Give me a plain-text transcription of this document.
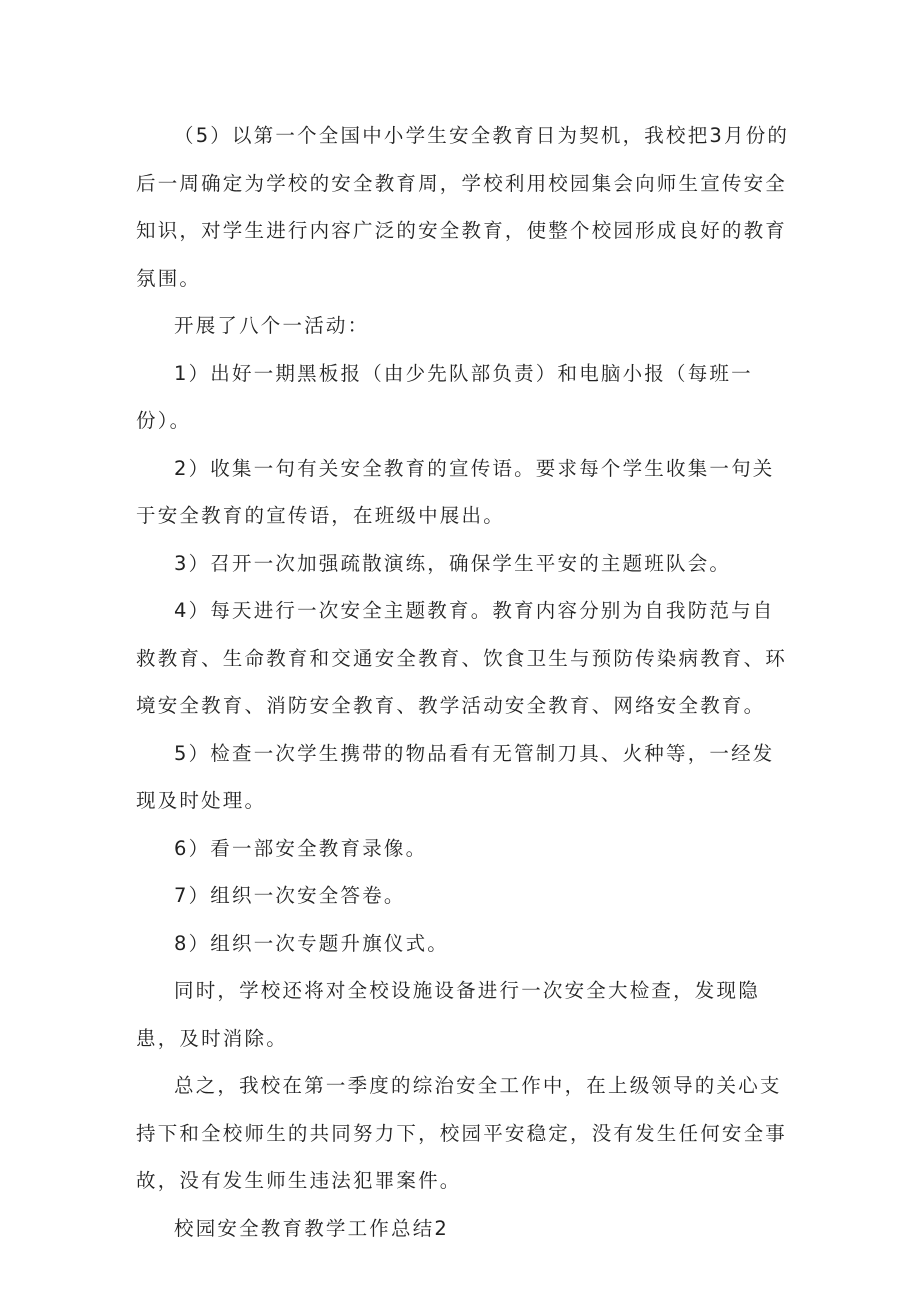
（5）以第一个全国中小学生安全教育日为契机，我校把3月份的后一周确定为学校的安全教育周，学校利用校园集会向师生宣传安全知识，对学生进行内容广泛的安全教育，使整个校园形成良好的教育氛围。

开展了八个一活动：

1）出好一期黑板报（由少先队部负责）和电脑小报（每班一份）。

2）收集一句有关安全教育的宣传语。要求每个学生收集一句关于安全教育的宣传语，在班级中展出。

3）召开一次加强疏散演练，确保学生平安的主题班队会。

4）每天进行一次安全主题教育。教育内容分别为自我防范与自救教育、生命教育和交通安全教育、饮食卫生与预防传染病教育、环境安全教育、消防安全教育、教学活动安全教育、网络安全教育。

5）检查一次学生携带的物品看有无管制刀具、火种等，一经发现及时处理。

6）看一部安全教育录像。

7）组织一次安全答卷。

8）组织一次专题升旗仪式。

同时，学校还将对全校设施设备进行一次安全大检查，发现隐患，及时消除。

总之，我校在第一季度的综治安全工作中，在上级领导的关心支持下和全校师生的共同努力下，校园平安稳定，没有发生任何安全事故，没有发生师生违法犯罪案件。

校园安全教育教学工作总结2
